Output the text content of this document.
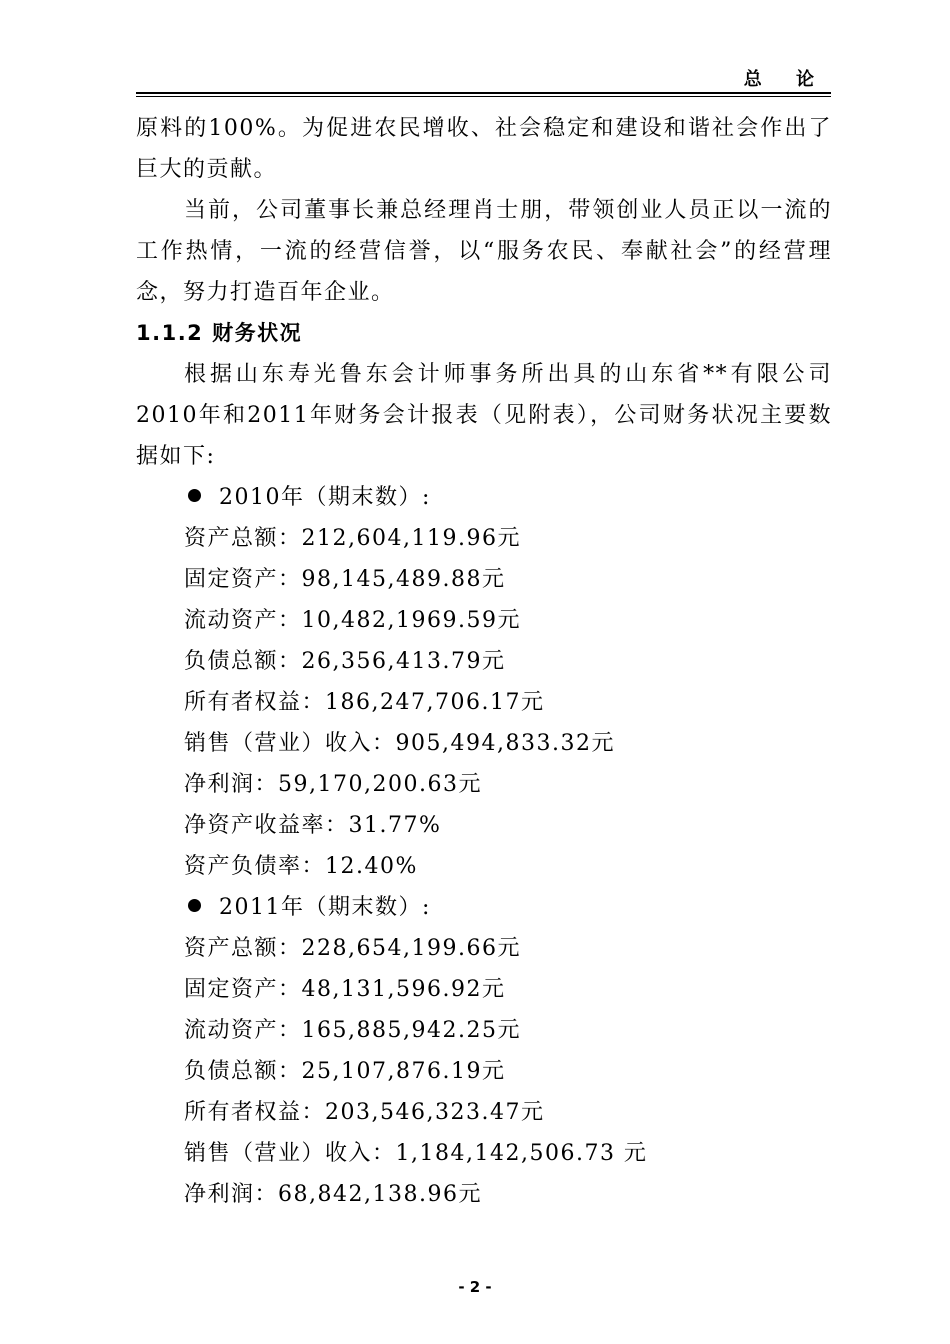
总 论

原料的100%。为促进农民增收、社会稳定和建设和谐社会作出了巨大的贡献。

当前，公司董事长兼总经理肖士朋，带领创业人员正以一流的工作热情，一流的经营信誉，以“服务农民、奉献社会”的经营理念，努力打造百年企业。

1.1.2 财务状况

根据山东寿光鲁东会计师事务所出具的山东省**有限公司2010年和2011年财务会计报表（见附表），公司财务状况主要数据如下:

2010年（期末数）:

资产总额：212,604,119.96元

固定资产：98,145,489.88元

流动资产：10,482,1969.59元

负债总额：26,356,413.79元

所有者权益：186,247,706.17元

销售（营业）收入：905,494,833.32元

净利润：59,170,200.63元

净资产收益率：31.77%

资产负债率：12.40%

2011年（期末数）:

资产总额：228,654,199.66元

固定资产：48,131,596.92元

流动资产：165,885,942.25元

负债总额：25,107,876.19元

所有者权益：203,546,323.47元

销售（营业）收入：1,184,142,506.73 元

净利润：68,842,138.96元

- 2 -
